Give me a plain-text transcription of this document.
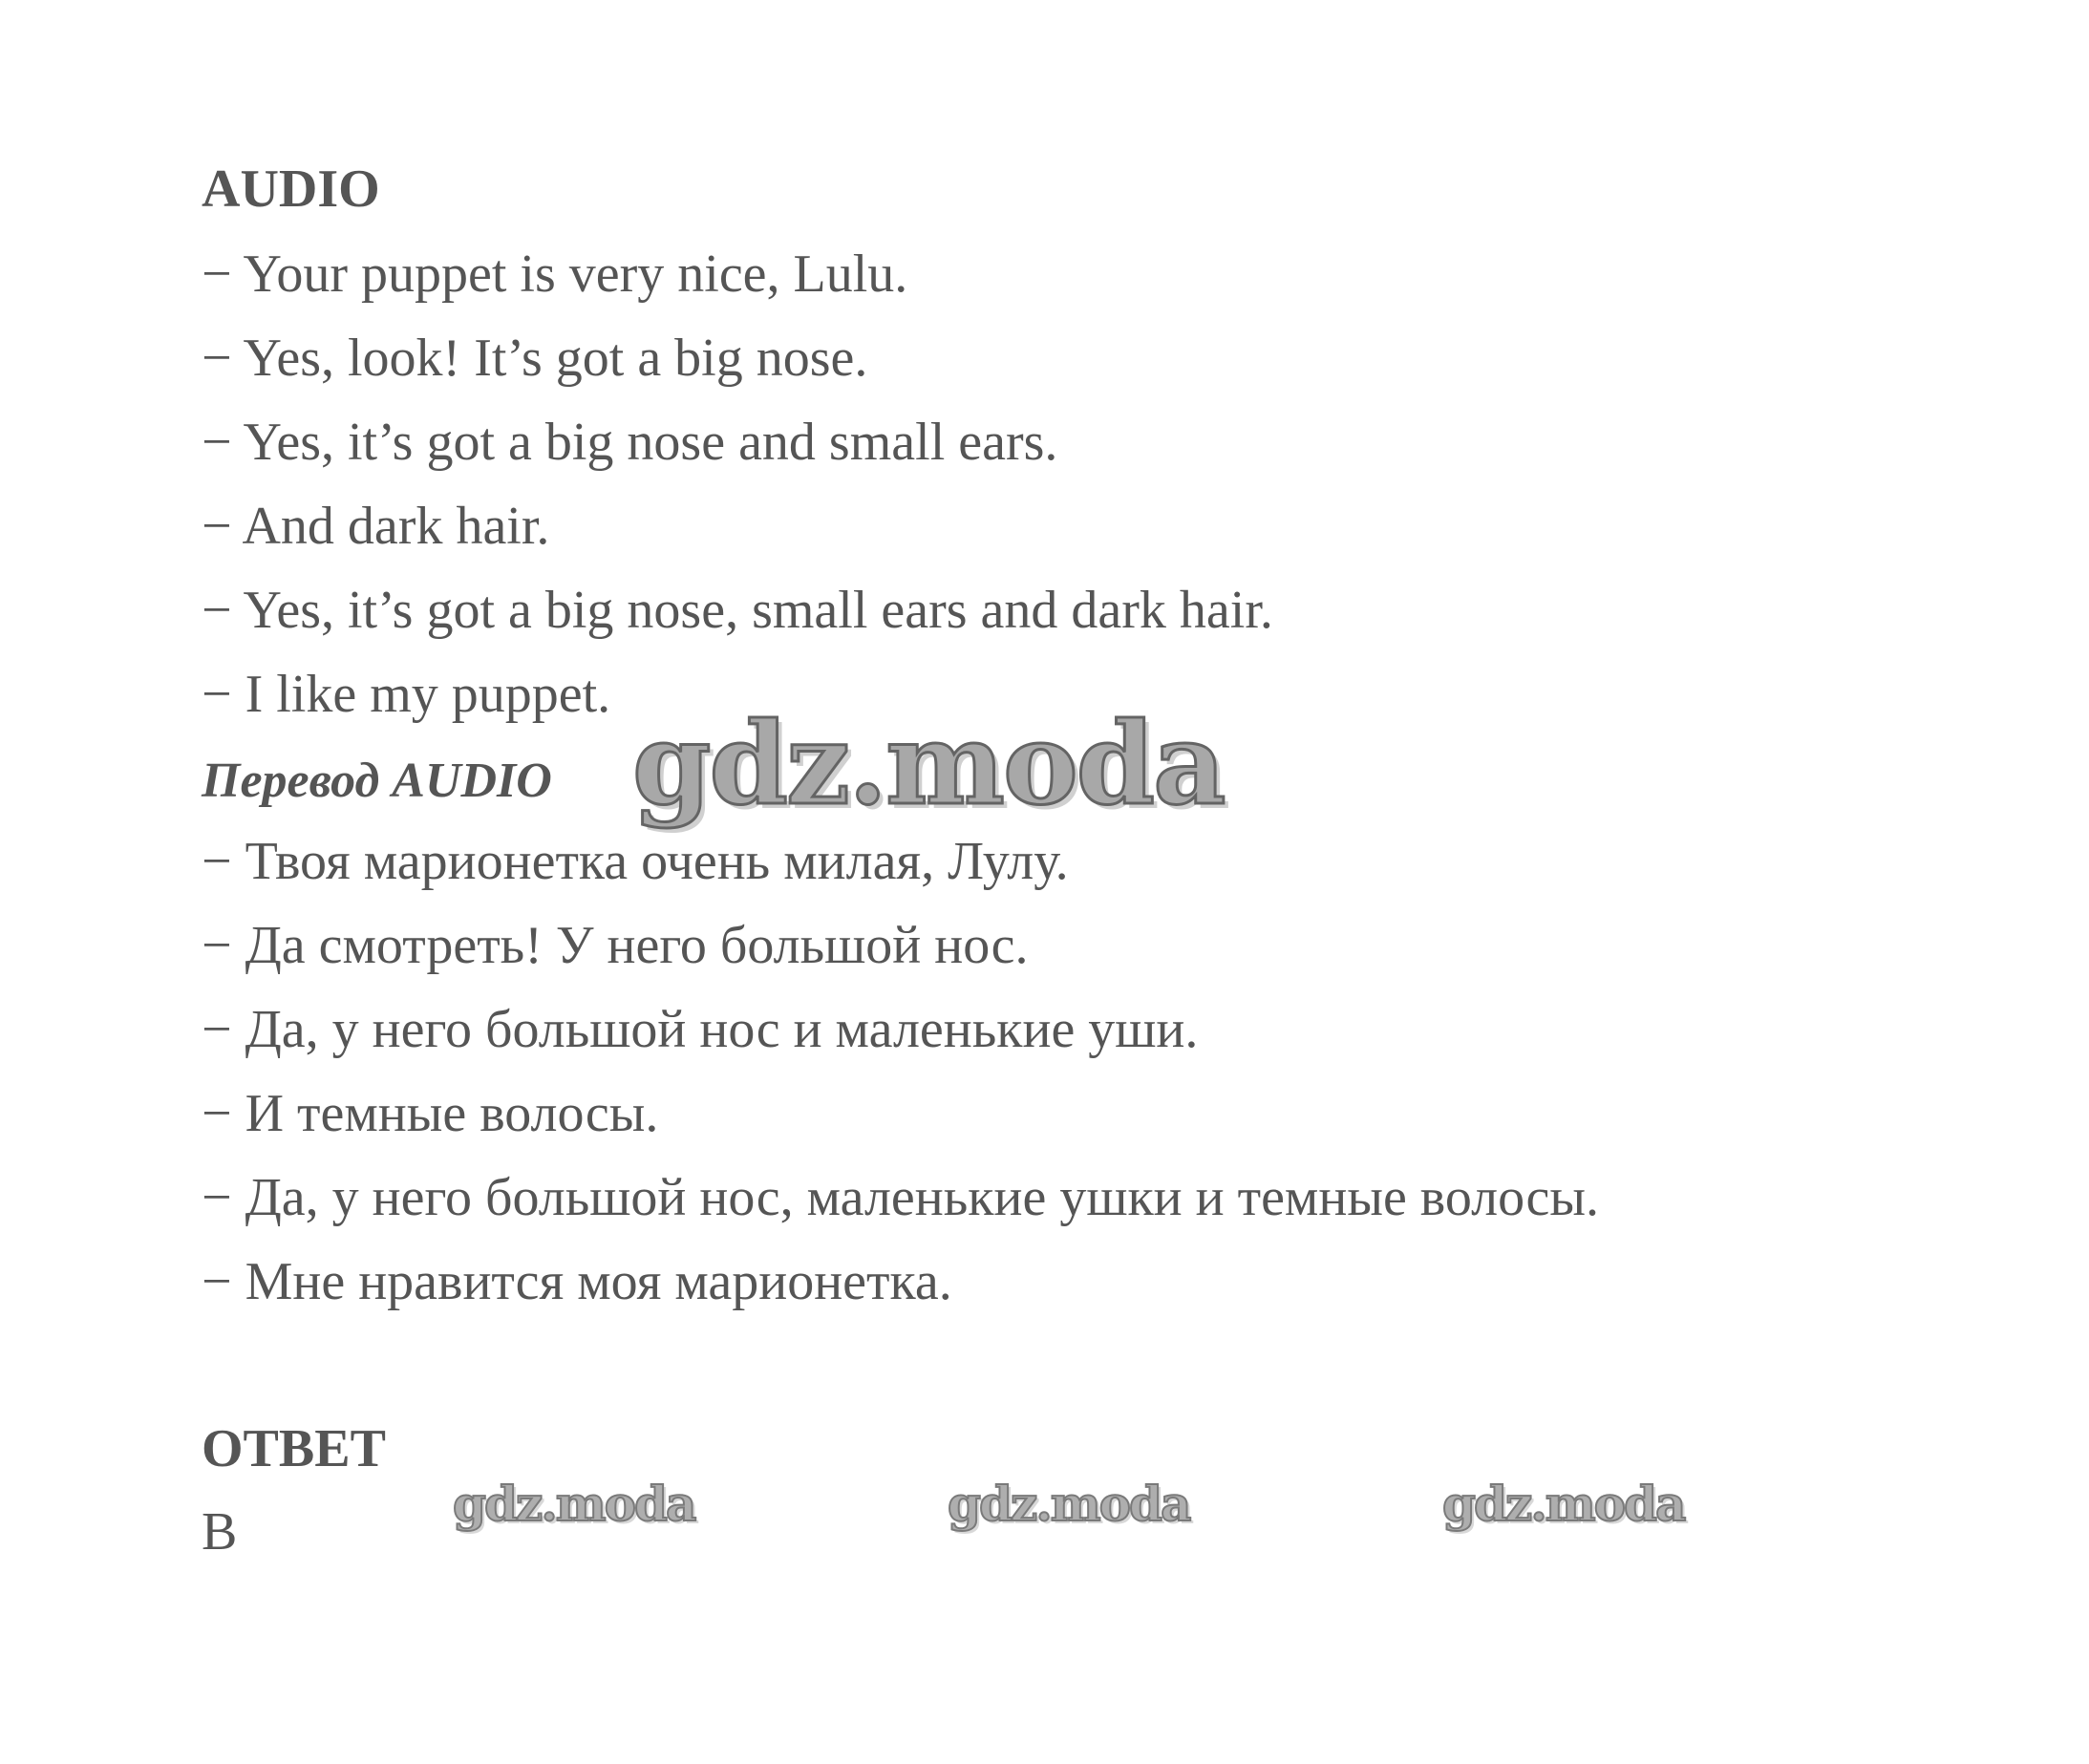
AUDIO
− Your puppet is very nice, Lulu.
− Yes, look! It’s got a big nose.
− Yes, it’s got a big nose and small ears.
− And dark hair.
− Yes, it’s got a big nose, small ears and dark hair.
− I like my puppet.
Перевод AUDIO gdz.moda
− Твоя марионетка очень милая, Лулу.
− Да смотреть! У него большой нос.
− Да, у него большой нос и маленькие уши.
− И темные волосы.
− Да, у него большой нос, маленькие ушки и темные волосы.
− Мне нравится моя марионетка.
ОТВЕТ
B	gdz.moda	gdz.moda	gdz.moda
